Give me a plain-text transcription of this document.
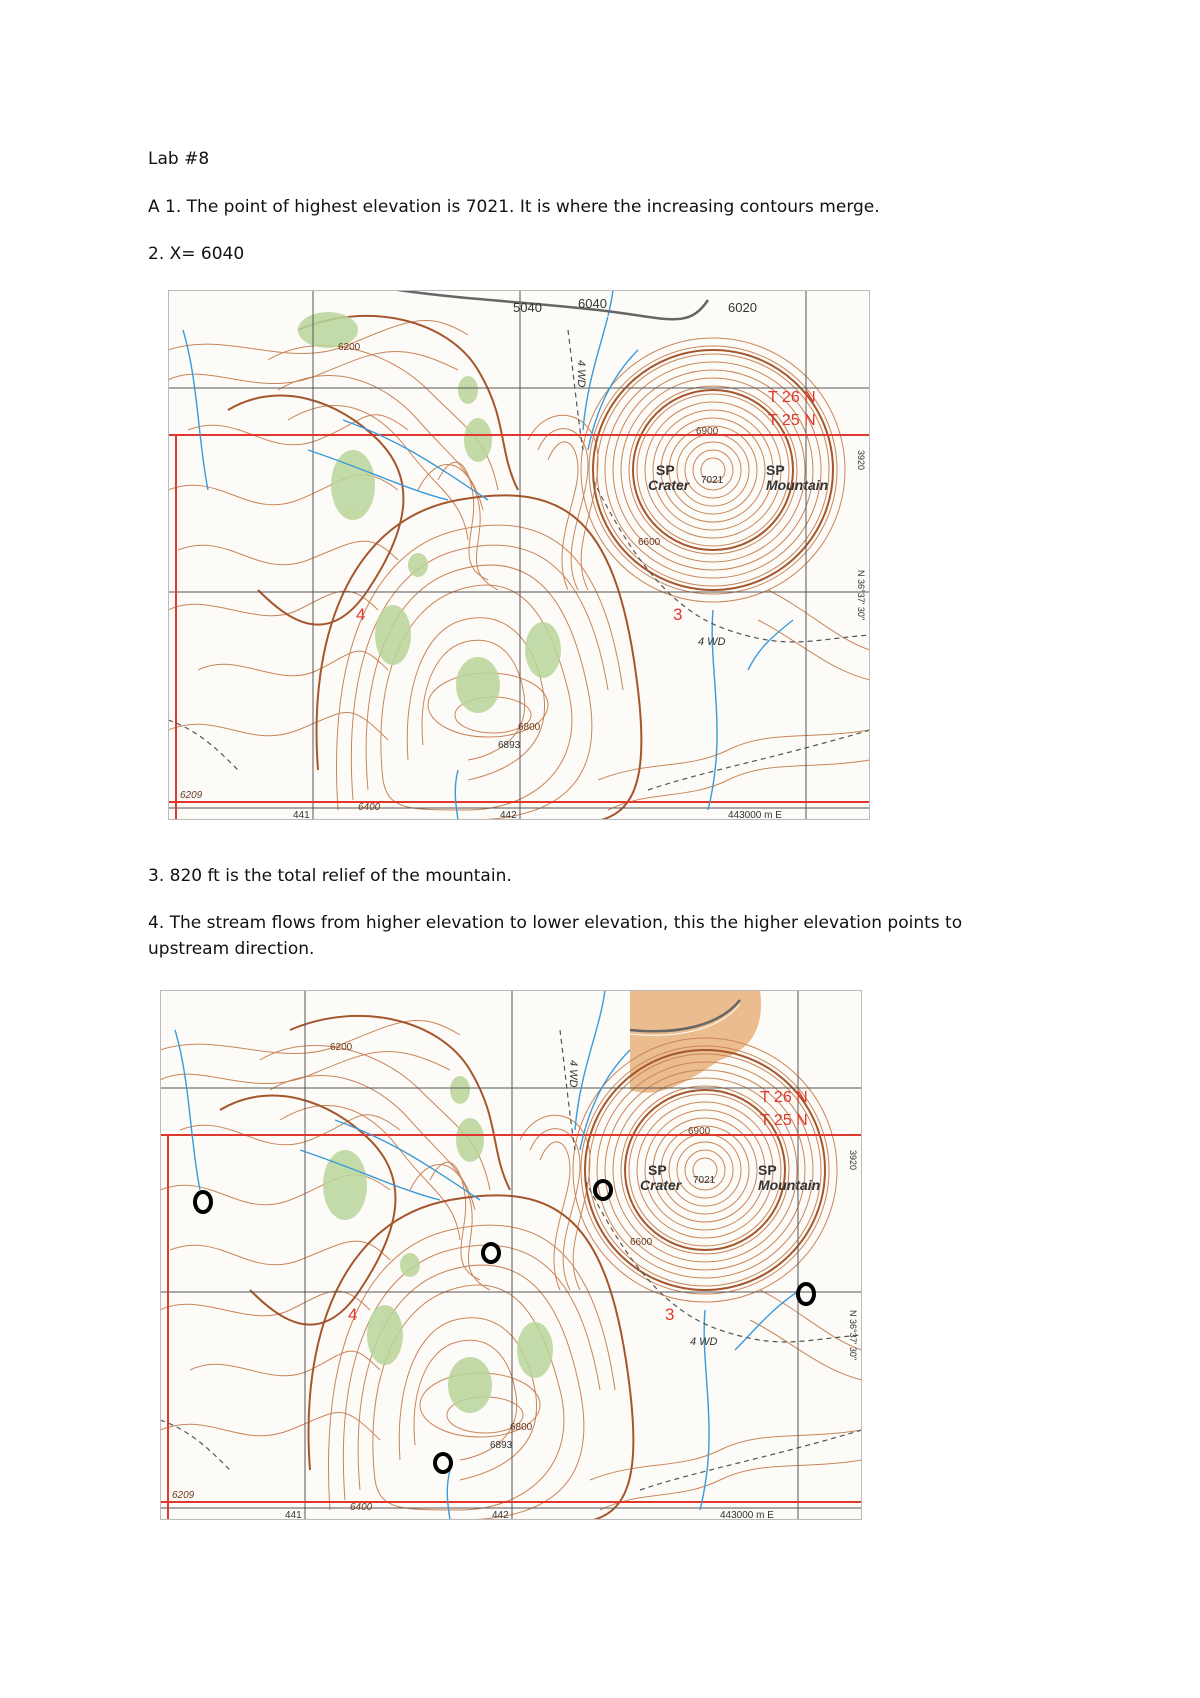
Lab #8
A 1. The point of highest elevation is 7021. It is where the increasing contours merge.
2. X= 6040
T 26 N
T 25 N
SP
Crater
SP
Mountain
7021
6900
6600
6200
6209
6400
6893
6800
4	3
4 WD
4 WD
441	442	443000 m E
3920
N 36°37' 30"
5040	6040	6020
3. 820 ft is the total relief of the mountain.
4. The stream flows from higher elevation to lower elevation, this the higher elevation points to
upstream direction.
T 26 N
T 25 N
SP
Crater
SP
Mountain
7021
6900
6600
6200
6209
6400
6893
6800
4	3
4 WD
4 WD
441	442	443000 m E
3920
N 36°37' 30"
